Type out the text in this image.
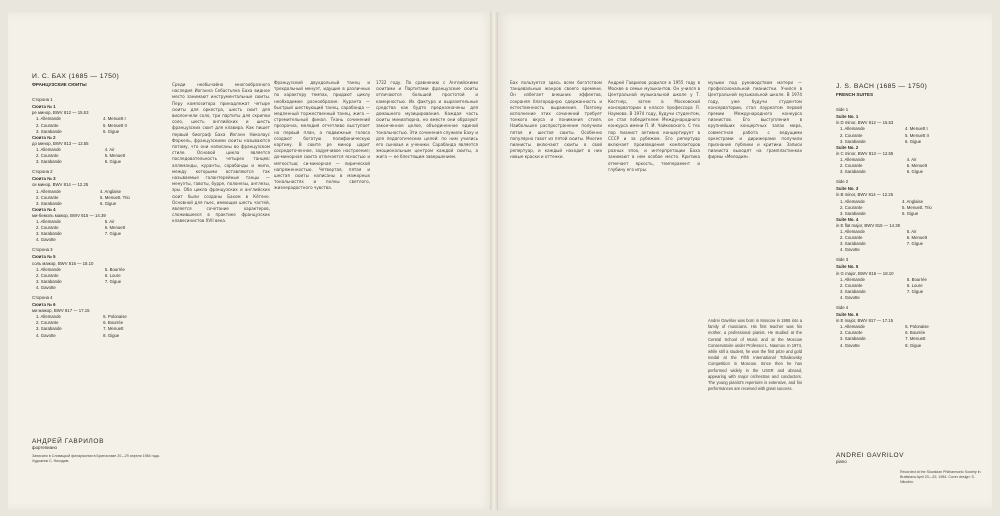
И. С. БАХ (1685 — 1750)
ФРАНЦУЗСКИЕ СЮИТЫ
Сторона 1
Сюита № 1
ре минор, BWV 812 — 15.53
1. Allemande	4. Menuett I
2. Courante	5. Menuett II
3. Sarabande	6. Gigue
Сюита № 2
до минор, BWV 813 — 12.55
1. Allemande	4. Air
2. Courante	5. Menuett
3. Sarabande	6. Gigue
Сторона 2
Сюита № 3
си минор, BWV 814 — 12.25
1. Allemande	4. Anglaise
2. Courante	5. Menuett. Trio
3. Sarabande	6. Gigue
Сюита № 4
ми-бемоль мажор, BWV 815 — 14.39
1. Allemande	5. Air
2. Courante	6. Menuett
3. Sarabande	7. Gigue
4. Gavotte
Сторона 3
Сюита № 5
соль мажор, BWV 816 — 18.10
1. Allemande	5. Bourrée
2. Courante	6. Loure
3. Sarabande	7. Gigue
4. Gavotte
Сторона 4
Сюита № 6
ми мажор, BWV 817 — 17.15
1. Allemande	5. Polonaise
2. Courante	6. Bourrée
3. Sarabande	7. Menuett
4. Gavotte	8. Gigue
АНДРЕЙ ГАВРИЛОВ
фортепиано
Записано в Словацкой филармонии в Братиславе 20—29 апреля 1984 года. Художник С. Никодим.
Среди необычайно многообразного наследия Иоганна Себастьяна Баха видное место занимают инструментальные сюиты. Перу композитора принадлежат четыре сюиты для оркестра, шесть сюит для виолончели соло, три партиты для скрипки соло, шесть английских и шесть французских сюит для клавира. Как пишет первый биограф Баха Иоганн Николаус Форкель, французскими сюиты называются потому, что они написаны во французском стиле. Основой цикла является последовательность четырех танцев: аллеманды, куранты, сарабанды и жиги, между которыми вставляются так называемые галантерейные танцы — менуэты, гавоты, бурре, полонезы, англезы, эры. Оба цикла французских и английских сюит были созданы Бахом в Кётене. Основной для пьес, имеющих шесть частей, является сочетание характеров, сложившееся в практике французских клавесинистов XVII века.
Французский двухдольный танец и трехдольный менуэт, идущие в различных по характеру темпах, придают циклу необходимое разнообразие. Куранта — быстрый шествующий танец, сарабанда — медленный торжественный танец, жига — стремительный финал. Ткань сочинений прозрачна, мелодия отчетливо выступает на первый план, а подвижные голоса создают богатую полифоническую картину. В сюите ре минор царит сосредоточенное, задумчивое настроение; до-минорная сюита отличается ясностью и мягкостью; си-минорная — лирической напряженностью. Четвертая, пятая и шестая сюиты написаны в мажорных тональностях и полны светлого, жизнерадостного чувства.
1722 году. По сравнению с Английскими сюитами и Партитами французские сюиты отличаются большей простотой и камерностью. Их фактура и выразительные средства как будто предназначены для домашнего музицирования. Каждая часть сюиты миниатюрна, но вместе они образуют законченное целое, объединенное единой тональностью. Эти сочинения служили Баху и для педагогических целей: по ним учились его сыновья и ученики. Сарабанда является эмоциональным центром каждой сюиты, а жига — ее блестящим завершением.
Бах пользуется здесь всем богатством танцевальных жанров своего времени. Он избегает внешних эффектов, сохраняя благородную сдержанность и естественность выражения. Поэтому исполнение этих сочинений требует тонкого вкуса и понимания стиля. Наибольшее распространение получили пятая и шестая сюиты. Особенно популярна гавот из пятой сюиты. Многие пианисты включают сюиты в свой репертуар, и каждый находит в них новые краски и оттенки.
Андрей Гаврилов родился в 1955 году в Москве в семье музыкантов. Он учился в Центральной музыкальной школе у Т. Кестнер, затем в Московской консерватории в классе профессора Л. Наумова. В 1974 году, будучи студентом, он стал победителем Международного конкурса имени П. И. Чайковского. С тех пор пианист активно концертирует в СССР и за рубежом. Его репертуар включает произведения композиторов разных эпох, и интерпретации Баха занимают в нем особое место. Критика отмечает яркость, темперамент и глубину его игры.
музыки под руководством матери — профессиональной пианистки. Учился в Центральной музыкальной школе. В 1974 году, уже будучи студентом консерватории, стал лауреатом первой премии Международного конкурса пианистов. Его выступления в крупнейших концертных залах мира, совместная работа с ведущими оркестрами и дирижерами получили признание публики и критики. Записи пианиста выходят на грампластинках фирмы «Мелодия».
Andrei Gavrilov was born in Moscow in 1955 into a family of musicians. His first teacher was his mother, a professional pianist. He studied at the Central School of Music and at the Moscow Conservatoire under Professor L. Naumov. In 1974, while still a student, he won the first prize and gold medal at the Fifth International Tchaikovsky Competition in Moscow. Since then he has performed widely in the USSR and abroad, appearing with major orchestras and conductors. The young pianist's repertoire is extensive, and his performances are received with great success.
J. S. BACH (1685 — 1750)
FRENCH SUITES
Side 1
Suite No. 1
in D minor, BWV 812 — 15.53
1. Allemande	4. Menuett I
2. Courante	5. Menuett II
3. Sarabande	6. Gigue
Suite No. 2
in C minor, BWV 813 — 12.55
1. Allemande	4. Air
2. Courante	5. Menuett
3. Sarabande	6. Gigue
Side 2
Suite No. 3
in B minor, BWV 814 — 12.25
1. Allemande	4. Anglaise
2. Courante	5. Menuett. Trio
3. Sarabande	6. Gigue
Suite No. 4
in E flat major, BWV 815 — 14.39
1. Allemande	5. Air
2. Courante	6. Menuett
3. Sarabande	7. Gigue
4. Gavotte
Side 3
Suite No. 5
in G major, BWV 816 — 18.10
1. Allemande	5. Bourrée
2. Courante	6. Loure
3. Sarabande	7. Gigue
4. Gavotte
Side 4
Suite No. 6
in E major, BWV 817 — 17.15
1. Allemande	5. Polonaise
2. Courante	6. Bourrée
3. Sarabande	7. Menuett
4. Gavotte	8. Gigue
ANDREI GAVRILOV
piano
Recorded at the Slovakian Philharmonic Society in Bratislava April 20—29, 1984. Cover design: S. Nikodim.
